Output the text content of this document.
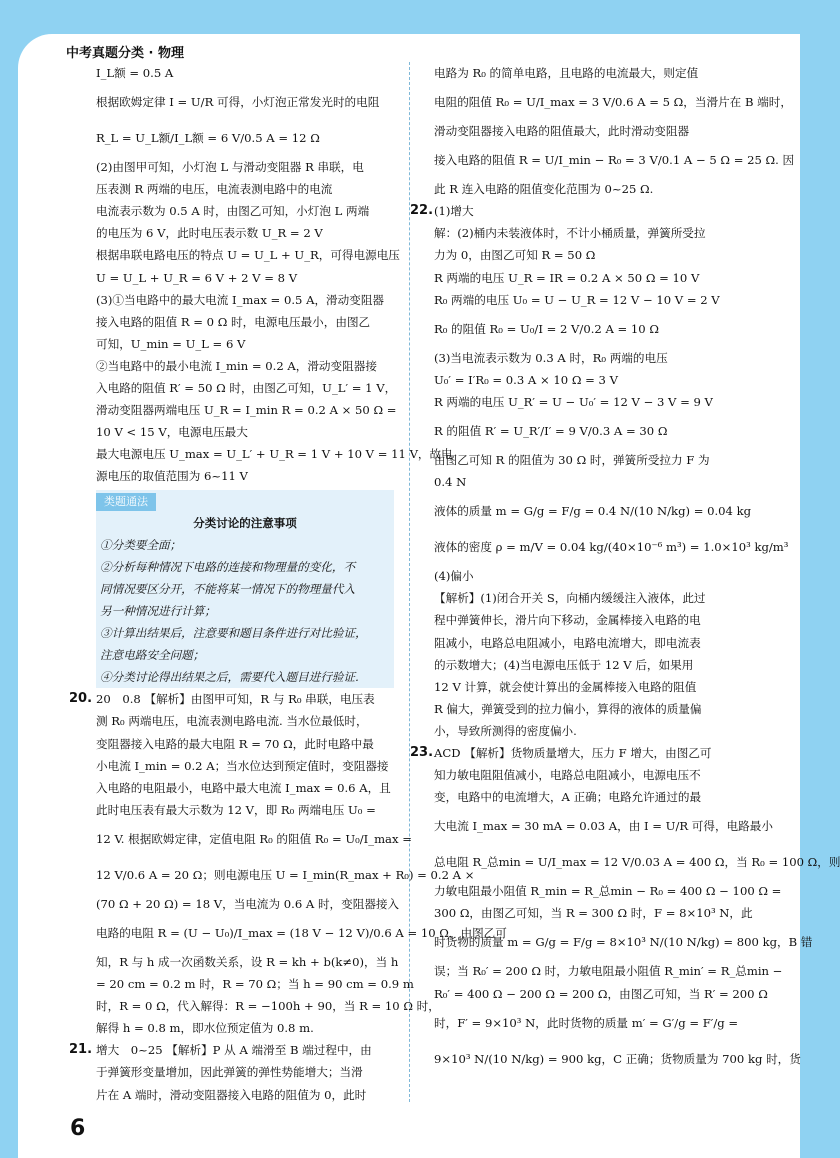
中考真题分类 · 物理
I_L额 = 0.5 A
根据欧姆定律 I = U/R 可得，小灯泡正常发光时的电阻
R_L = U_L额/I_L额 = 6 V/0.5 A = 12 Ω
(2)由图甲可知，小灯泡 L 与滑动变阻器 R 串联，电
压表测 R 两端的电压，电流表测电路中的电流
电流表示数为 0.5 A 时，由图乙可知，小灯泡 L 两端
的电压为 6 V，此时电压表示数 U_R = 2 V
根据串联电路电压的特点 U = U_L + U_R，可得电源电压
U = U_L + U_R = 6 V + 2 V = 8 V
(3)①当电路中的最大电流 I_max = 0.5 A，滑动变阻器
接入电路的阻值 R = 0 Ω 时，电源电压最小，由图乙
可知，U_min = U_L = 6 V
②当电路中的最小电流 I_min = 0.2 A，滑动变阻器接
入电路的阻值 R′ = 50 Ω 时，由图乙可知，U_L′ = 1 V，
滑动变阻器两端电压 U_R = I_min R = 0.2 A × 50 Ω =
10 V < 15 V，电源电压最大
最大电源电压 U_max = U_L′ + U_R = 1 V + 10 V = 11 V，故电
源电压的取值范围为 6~11 V
类题通法
分类讨论的注意事项
①分类要全面；
②分析每种情况下电路的连接和物理量的变化，不
同情况要区分开，不能将某一情况下的物理量代入
另一种情况进行计算；
③计算出结果后，注意要和题目条件进行对比验证，
注意电路安全问题；
④分类讨论得出结果之后，需要代入题目进行验证.
20. 20　0.8 【解析】由图甲可知，R 与 R₀ 串联，电压表
测 R₀ 两端电压，电流表测电路电流. 当水位最低时，
变阻器接入电路的最大电阻 R = 70 Ω，此时电路中最
小电流 I_min = 0.2 A；当水位达到预定值时，变阻器接
入电路的电阻最小，电路中最大电流 I_max = 0.6 A，且
此时电压表有最大示数为 12 V，即 R₀ 两端电压 U₀ =
12 V. 根据欧姆定律，定值电阻 R₀ 的阻值 R₀ = U₀/I_max =
12 V/0.6 A = 20 Ω；则电源电压 U = I_min(R_max + R₀) = 0.2 A ×
(70 Ω + 20 Ω) = 18 V，当电流为 0.6 A 时，变阻器接入
电路的电阻 R = (U − U₀)/I_max = (18 V − 12 V)/0.6 A = 10 Ω，由图乙可
知，R 与 h 成一次函数关系，设 R = kh + b(k≠0)，当 h
= 20 cm = 0.2 m 时，R = 70 Ω；当 h = 90 cm = 0.9 m
时，R = 0 Ω，代入解得：R = −100h + 90，当 R = 10 Ω 时，
解得 h = 0.8 m，即水位预定值为 0.8 m.
21. 增大　0~25 【解析】P 从 A 端滑至 B 端过程中，由
于弹簧形变量增加，因此弹簧的弹性势能增大；当滑
片在 A 端时，滑动变阻器接入电路的阻值为 0，此时
电路为 R₀ 的简单电路，且电路的电流最大，则定值
电阻的阻值 R₀ = U/I_max = 3 V/0.6 A = 5 Ω，当滑片在 B 端时，
滑动变阻器接入电路的阻值最大，此时滑动变阻器
接入电路的阻值 R = U/I_min − R₀ = 3 V/0.1 A − 5 Ω = 25 Ω. 因
此 R 连入电路的阻值变化范围为 0~25 Ω.
22. (1)增大
解：(2)桶内未装液体时，不计小桶质量，弹簧所受拉
力为 0，由图乙可知 R = 50 Ω
R 两端的电压 U_R = IR = 0.2 A × 50 Ω = 10 V
R₀ 两端的电压 U₀ = U − U_R = 12 V − 10 V = 2 V
R₀ 的阻值 R₀ = U₀/I = 2 V/0.2 A = 10 Ω
(3)当电流表示数为 0.3 A 时，R₀ 两端的电压
U₀′ = I′R₀ = 0.3 A × 10 Ω = 3 V
R 两端的电压 U_R′ = U − U₀′ = 12 V − 3 V = 9 V
R 的阻值 R′ = U_R′/I′ = 9 V/0.3 A = 30 Ω
由图乙可知 R 的阻值为 30 Ω 时，弹簧所受拉力 F 为
0.4 N
液体的质量 m = G/g = F/g = 0.4 N/(10 N/kg) = 0.04 kg
液体的密度 ρ = m/V = 0.04 kg/(40×10⁻⁶ m³) = 1.0×10³ kg/m³
(4)偏小
【解析】(1)闭合开关 S，向桶内缓缓注入液体，此过
程中弹簧伸长，滑片向下移动，金属棒接入电路的电
阻减小，电路总电阻减小，电路电流增大，即电流表
的示数增大；(4)当电源电压低于 12 V 后，如果用
12 V 计算，就会使计算出的金属棒接入电路的阻值
R 偏大，弹簧受到的拉力偏小，算得的液体的质量偏
小，导致所测得的密度偏小.
23. ACD 【解析】货物质量增大，压力 F 增大，由图乙可
知力敏电阻阻值减小，电路总电阻减小，电源电压不
变，电路中的电流增大，A 正确；电路允许通过的最
大电流 I_max = 30 mA = 0.03 A，由 I = U/R 可得，电路最小
总电阻 R_总min = U/I_max = 12 V/0.03 A = 400 Ω，当 R₀ = 100 Ω，则
力敏电阻最小阻值 R_min = R_总min − R₀ = 400 Ω − 100 Ω =
300 Ω，由图乙可知，当 R = 300 Ω 时，F = 8×10³ N，此
时货物的质量 m = G/g = F/g = 8×10³ N/(10 N/kg) = 800 kg，B 错
误；当 R₀′ = 200 Ω 时，力敏电阻最小阻值 R_min′ = R_总min −
R₀′ = 400 Ω − 200 Ω = 200 Ω，由图乙可知，当 R′ = 200 Ω
时，F′ = 9×10³ N，此时货物的质量 m′ = G′/g = F′/g =
9×10³ N/(10 N/kg) = 900 kg，C 正确；货物质量为 700 kg 时，货
6
